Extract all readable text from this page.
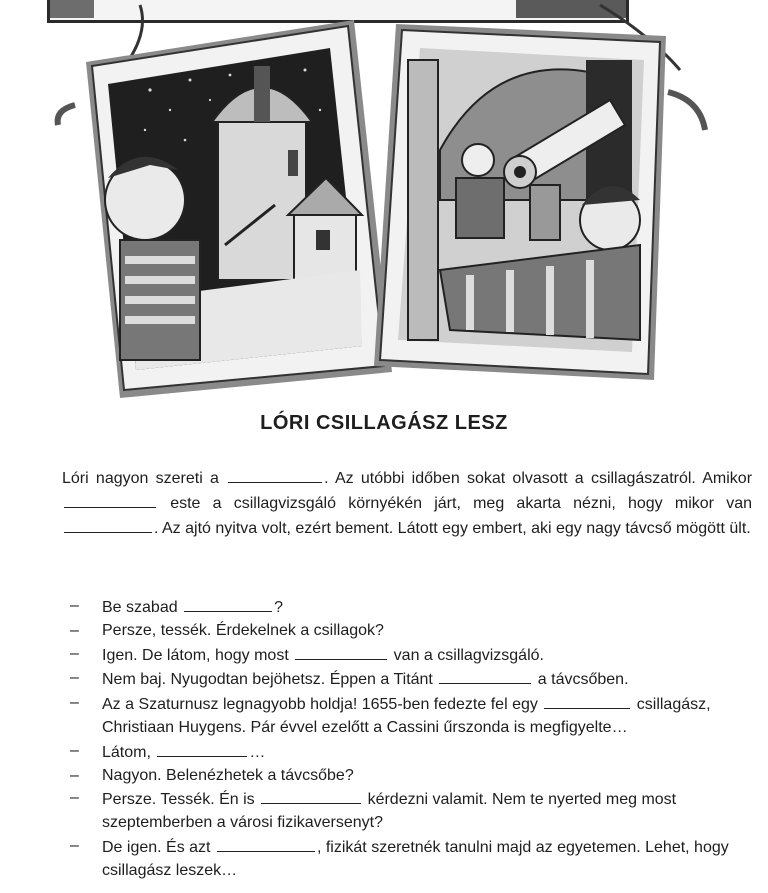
LÓRI CSILLAGÁSZ LESZ

Lóri nagyon szereti a	. Az utóbbi időben sokat olvasott a csillagászatról. Amikor  este a csillagvizsgáló környékén járt, meg akarta nézni, hogy mikor van . Az ajtó nyitva volt, ezért bement. Látott egy embert, aki egy nagy távcső mögött ült.

– Be szabad	?
– Persze, tessék. Érdekelnek a csillagok?
– Igen. De látom, hogy most	van a csillagvizsgáló.
– Nem baj. Nyugodtan bejöhetsz. Éppen a Titánt	a távcsőben.
– Az a Szaturnusz legnagyobb holdja! 1655-ben fedezte fel egy	csillagász, Christiaan Huygens. Pár évvel ezelőtt a Cassini űrszonda is megfigyelte…
– Látom,	…
– Nagyon. Belenézhetek a távcsőbe?
– Persze. Tessék. Én is	kérdezni valamit. Nem te nyerted meg most szeptemberben a városi fizikaversenyt?
– De igen. És azt	, fizikát szeretnék tanulni majd az egyetemen. Lehet, hogy csillagász leszek…
